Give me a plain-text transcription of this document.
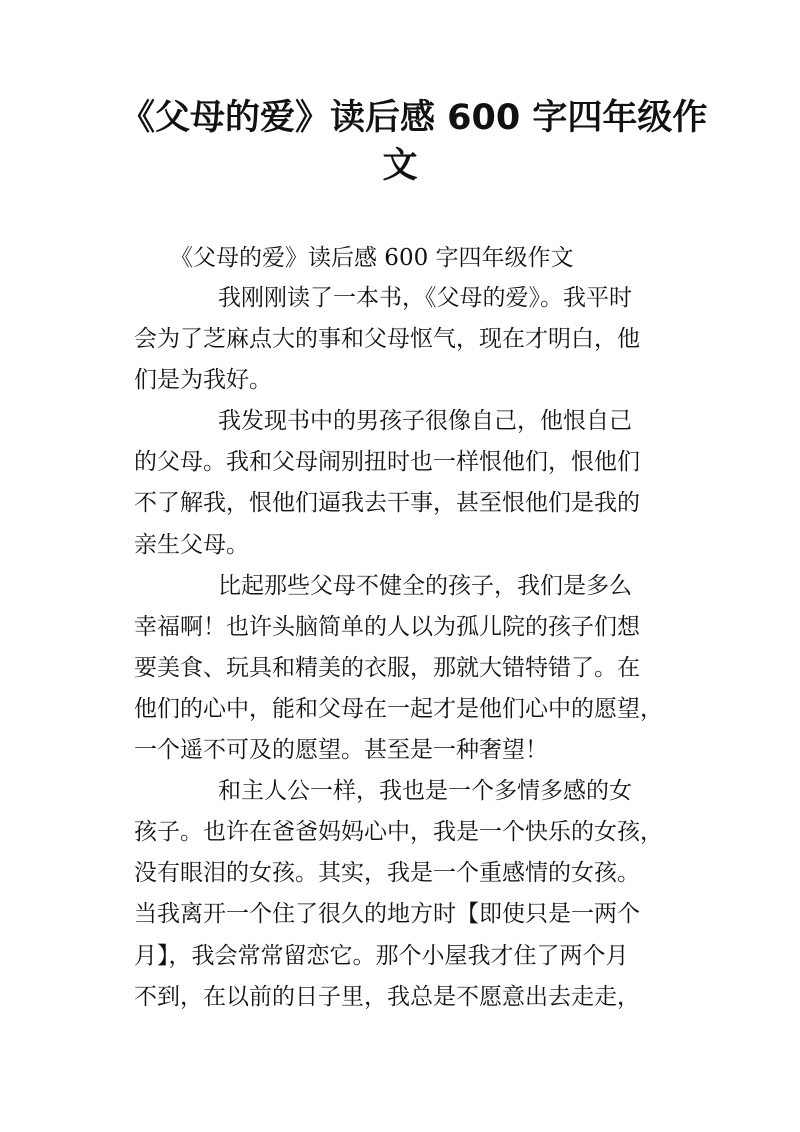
《父母的爱》读后感 600 字四年级作
文
《父母的爱》读后感 600 字四年级作文
我刚刚读了一本书，《父母的爱》。我平时
会为了芝麻点大的事和父母怄气，现在才明白，他
们是为我好。
我发现书中的男孩子很像自己，他恨自己
的父母。我和父母闹别扭时也一样恨他们，恨他们
不了解我，恨他们逼我去干事，甚至恨他们是我的
亲生父母。
比起那些父母不健全的孩子，我们是多么
幸福啊！也许头脑简单的人以为孤儿院的孩子们想
要美食、玩具和精美的衣服，那就大错特错了。在
他们的心中，能和父母在一起才是他们心中的愿望，
一个遥不可及的愿望。甚至是一种奢望！
和主人公一样，我也是一个多情多感的女
孩子。也许在爸爸妈妈心中，我是一个快乐的女孩，
没有眼泪的女孩。其实，我是一个重感情的女孩。
当我离开一个住了很久的地方时【即使只是一两个
月】，我会常常留恋它。那个小屋我才住了两个月
不到，在以前的日子里，我总是不愿意出去走走，
